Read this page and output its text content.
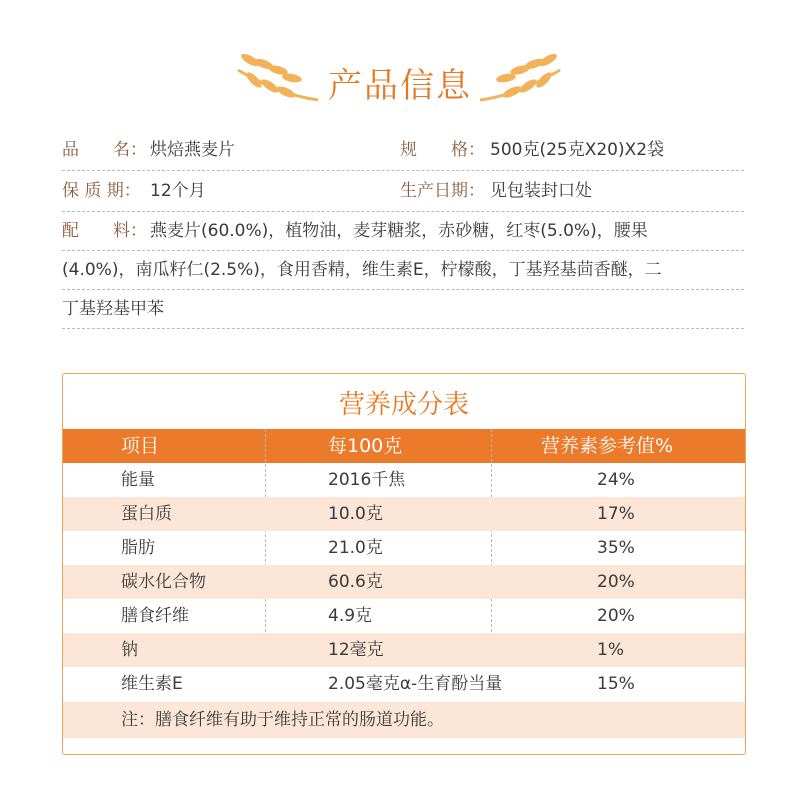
产品信息
品　　名： 烘焙燕麦片	规　　格： 500克(25克X20)X2袋
保 质 期： 12个月	生产日期： 见包装封口处
配　　料： 燕麦片(60.0%)，植物油，麦芽糖浆，赤砂糖，红枣(5.0%)，腰果
(4.0%)，南瓜籽仁(2.5%)，食用香精，维生素E，柠檬酸，丁基羟基茴香醚，二
丁基羟基甲苯
营养成分表
项目	每100克	营养素参考值%
能量	2016千焦	24%
蛋白质	10.0克	17%
脂肪	21.0克	35%
碳水化合物	60.6克	20%
膳食纤维	4.9克	20%
钠	12毫克	1%
维生素E	2.05毫克α-生育酚当量	15%
注：膳食纤维有助于维持正常的肠道功能。
